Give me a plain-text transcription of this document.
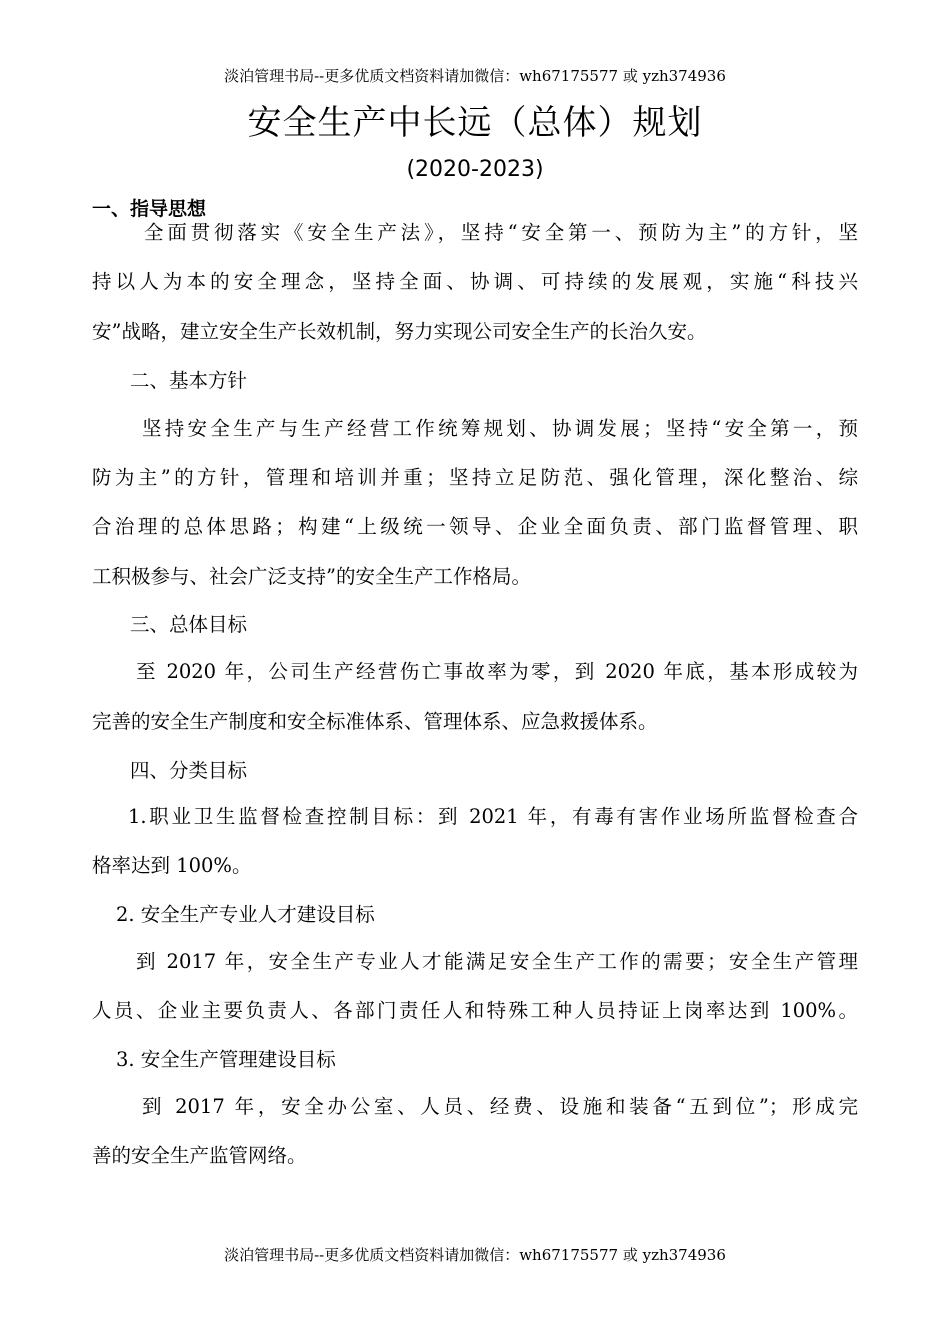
淡泊管理书局--更多优质文档资料请加微信：wh67175577 或 yzh374936
安全生产中长远（总体）规划
(2020-2023)
一、指导思想
全面贯彻落实《安全生产法》，坚持“安全第一、预防为主”的方针，坚
持以人为本的安全理念，坚持全面、协调、可持续的发展观，实施“科技兴
安”战略，建立安全生产长效机制，努力实现公司安全生产的长治久安。
二、基本方针
坚持安全生产与生产经营工作统筹规划、协调发展；坚持“安全第一，预
防为主”的方针，管理和培训并重；坚持立足防范、强化管理，深化整治、综
合治理的总体思路；构建“上级统一领导、企业全面负责、部门监督管理、职
工积极参与、社会广泛支持”的安全生产工作格局。
三、总体目标
至 2020 年，公司生产经营伤亡事故率为零，到 2020 年底，基本形成较为
完善的安全生产制度和安全标准体系、管理体系、应急救援体系。
四、分类目标
1.职业卫生监督检查控制目标：到 2021 年，有毒有害作业场所监督检查合
格率达到 100%。
2. 安全生产专业人才建设目标
到 2017 年，安全生产专业人才能满足安全生产工作的需要；安全生产管理
人员、企业主要负责人、各部门责任人和特殊工种人员持证上岗率达到 100%。
3. 安全生产管理建设目标
到 2017 年，安全办公室、人员、经费、设施和装备“五到位”；形成完
善的安全生产监管网络。
淡泊管理书局--更多优质文档资料请加微信：wh67175577 或 yzh374936
